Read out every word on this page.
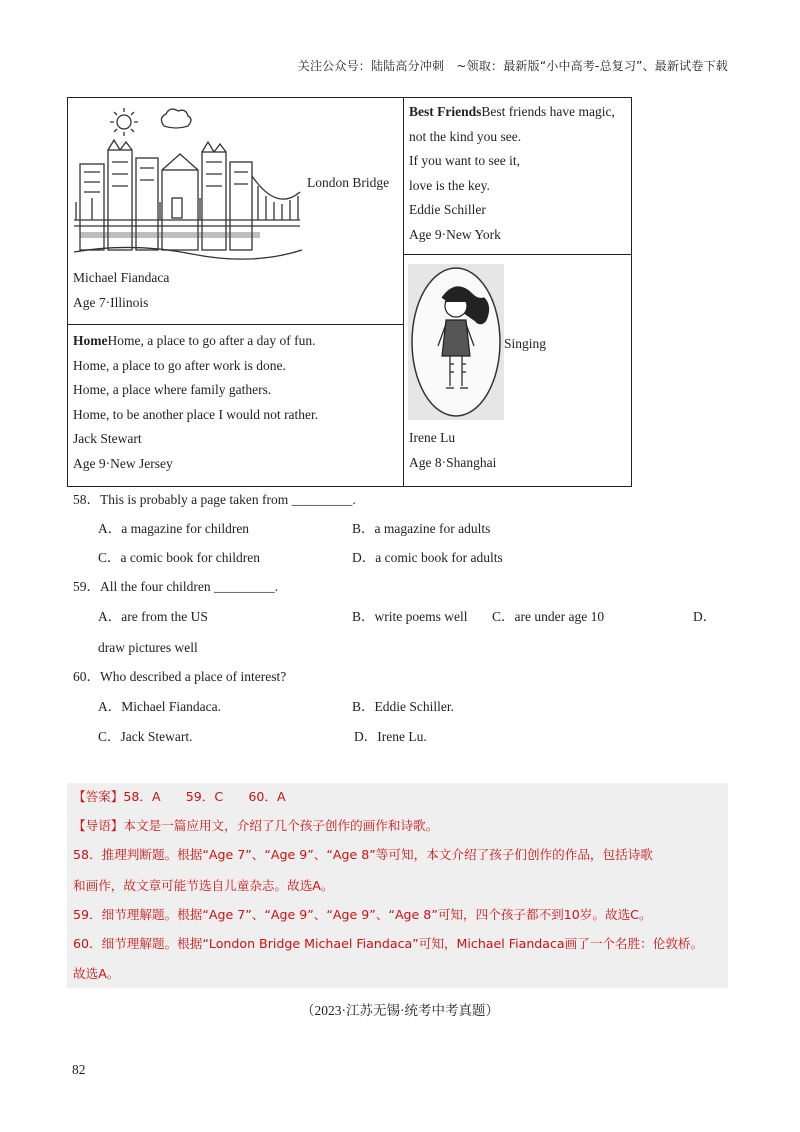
关注公众号：陆陆高分冲刺　~领取：最新版“小中高考-总复习”、最新试卷下载
London Bridge
Michael Fiandaca
Age 7·Illinois
Best FriendsBest friends have magic,
not the kind you see.
If you want to see it,
love is the key.
Eddie Schiller
Age 9·New York
HomeHome, a place to go after a day of fun.
Home, a place to go after work is done.
Home, a place where family gathers.
Home, to be another place I would not rather.
Jack Stewart
Age 9·New Jersey
Singing
Irene Lu
Age 8·Shanghai
58．This is probably a page taken from _________.
A．a magazine for children	B．a magazine for adults
C．a comic book for children	D．a comic book for adults
59．All the four children _________.
A．are from the US	B．write poems well C．are under age 10	D．
draw pictures well
60．Who described a place of interest?
A．Michael Fiandaca.	B．Eddie Schiller.
C．Jack Stewart.	D．Irene Lu.
【答案】58．A　　59．C　　60．A
【导语】本文是一篇应用文，介绍了几个孩子创作的画作和诗歌。
58．推理判断题。根据“Age 7”、“Age 9”、“Age 8”等可知，本文介绍了孩子们创作的作品，包括诗歌
和画作，故文章可能节选自儿童杂志。故选A。
59．细节理解题。根据“Age 7”、“Age 9”、“Age 9”、“Age 8”可知，四个孩子都不到10岁。故选C。
60．细节理解题。根据“London Bridge Michael Fiandaca”可知，Michael Fiandaca画了一个名胜：伦敦桥。
故选A。
（2023·江苏无锡·统考中考真题）
82
